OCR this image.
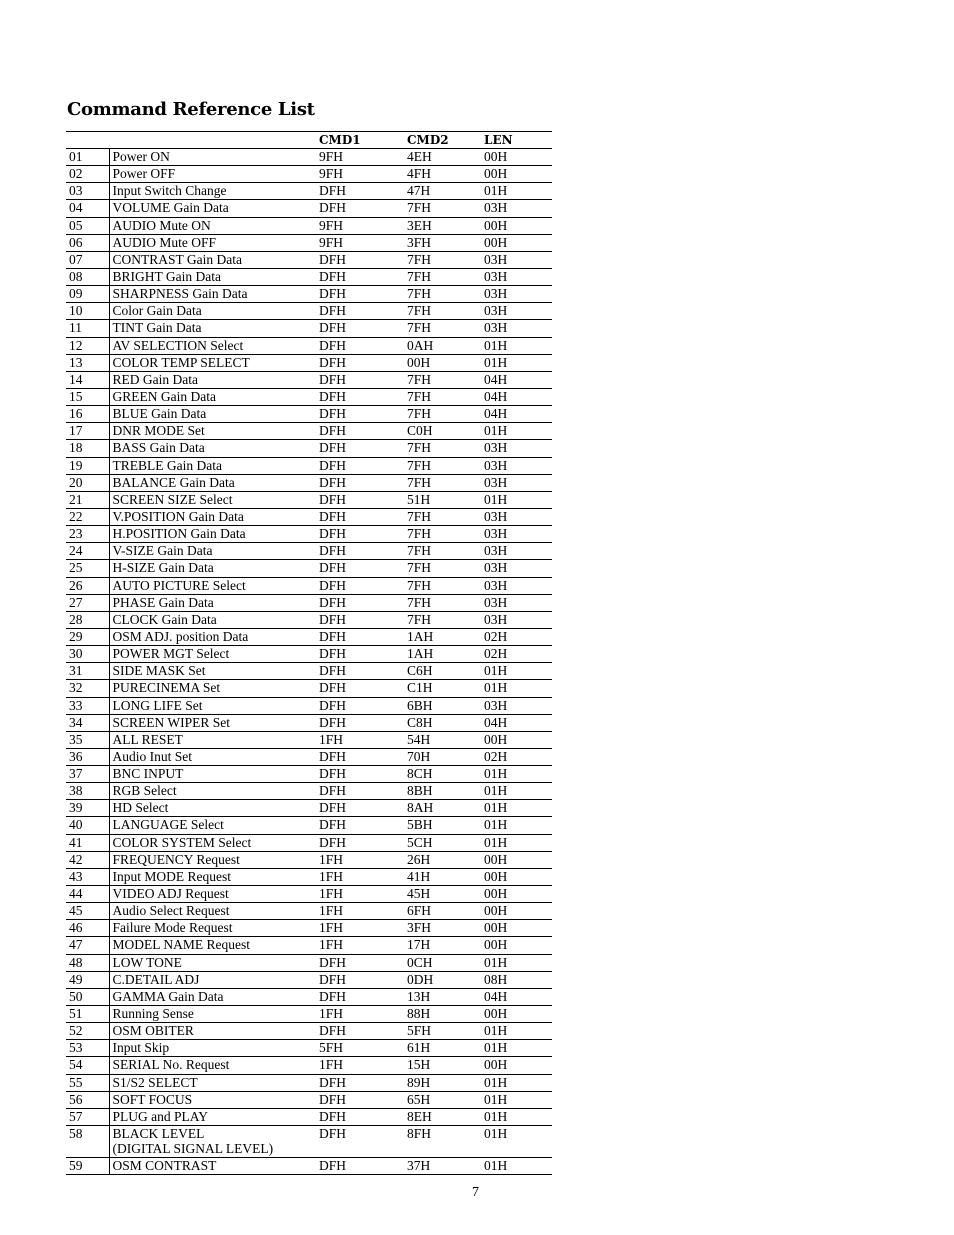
Command Reference List
		CMD1	CMD2	LEN
01	Power ON	9FH	4EH	00H
02	Power OFF	9FH	4FH	00H
03	Input Switch Change	DFH	47H	01H
04	VOLUME Gain Data	DFH	7FH	03H
05	AUDIO Mute ON	9FH	3EH	00H
06	AUDIO Mute OFF	9FH	3FH	00H
07	CONTRAST Gain Data	DFH	7FH	03H
08	BRIGHT Gain Data	DFH	7FH	03H
09	SHARPNESS Gain Data	DFH	7FH	03H
10	Color Gain Data	DFH	7FH	03H
11	TINT Gain Data	DFH	7FH	03H
12	AV SELECTION Select	DFH	0AH	01H
13	COLOR TEMP SELECT	DFH	00H	01H
14	RED Gain Data	DFH	7FH	04H
15	GREEN Gain Data	DFH	7FH	04H
16	BLUE Gain Data	DFH	7FH	04H
17	DNR MODE Set	DFH	C0H	01H
18	BASS Gain Data	DFH	7FH	03H
19	TREBLE Gain Data	DFH	7FH	03H
20	BALANCE Gain Data	DFH	7FH	03H
21	SCREEN SIZE Select	DFH	51H	01H
22	V.POSITION Gain Data	DFH	7FH	03H
23	H.POSITION Gain Data	DFH	7FH	03H
24	V-SIZE Gain Data	DFH	7FH	03H
25	H-SIZE Gain Data	DFH	7FH	03H
26	AUTO PICTURE Select	DFH	7FH	03H
27	PHASE Gain Data	DFH	7FH	03H
28	CLOCK Gain Data	DFH	7FH	03H
29	OSM ADJ. position Data	DFH	1AH	02H
30	POWER MGT Select	DFH	1AH	02H
31	SIDE MASK Set	DFH	C6H	01H
32	PURECINEMA Set	DFH	C1H	01H
33	LONG LIFE Set	DFH	6BH	03H
34	SCREEN WIPER Set	DFH	C8H	04H
35	ALL RESET	1FH	54H	00H
36	Audio Inut Set	DFH	70H	02H
37	BNC INPUT	DFH	8CH	01H
38	RGB Select	DFH	8BH	01H
39	HD Select	DFH	8AH	01H
40	LANGUAGE Select	DFH	5BH	01H
41	COLOR SYSTEM Select	DFH	5CH	01H
42	FREQUENCY Request	1FH	26H	00H
43	Input MODE Request	1FH	41H	00H
44	VIDEO ADJ Request	1FH	45H	00H
45	Audio Select Request	1FH	6FH	00H
46	Failure Mode Request	1FH	3FH	00H
47	MODEL NAME Request	1FH	17H	00H
48	LOW TONE	DFH	0CH	01H
49	C.DETAIL ADJ	DFH	0DH	08H
50	GAMMA Gain Data	DFH	13H	04H
51	Running Sense	1FH	88H	00H
52	OSM OBITER	DFH	5FH	01H
53	Input Skip	5FH	61H	01H
54	SERIAL No. Request	1FH	15H	00H
55	S1/S2 SELECT	DFH	89H	01H
56	SOFT FOCUS	DFH	65H	01H
57	PLUG and PLAY	DFH	8EH	01H
58	BLACK LEVEL
(DIGITAL SIGNAL LEVEL)	DFH	8FH	01H
59	OSM CONTRAST	DFH	37H	01H
7
